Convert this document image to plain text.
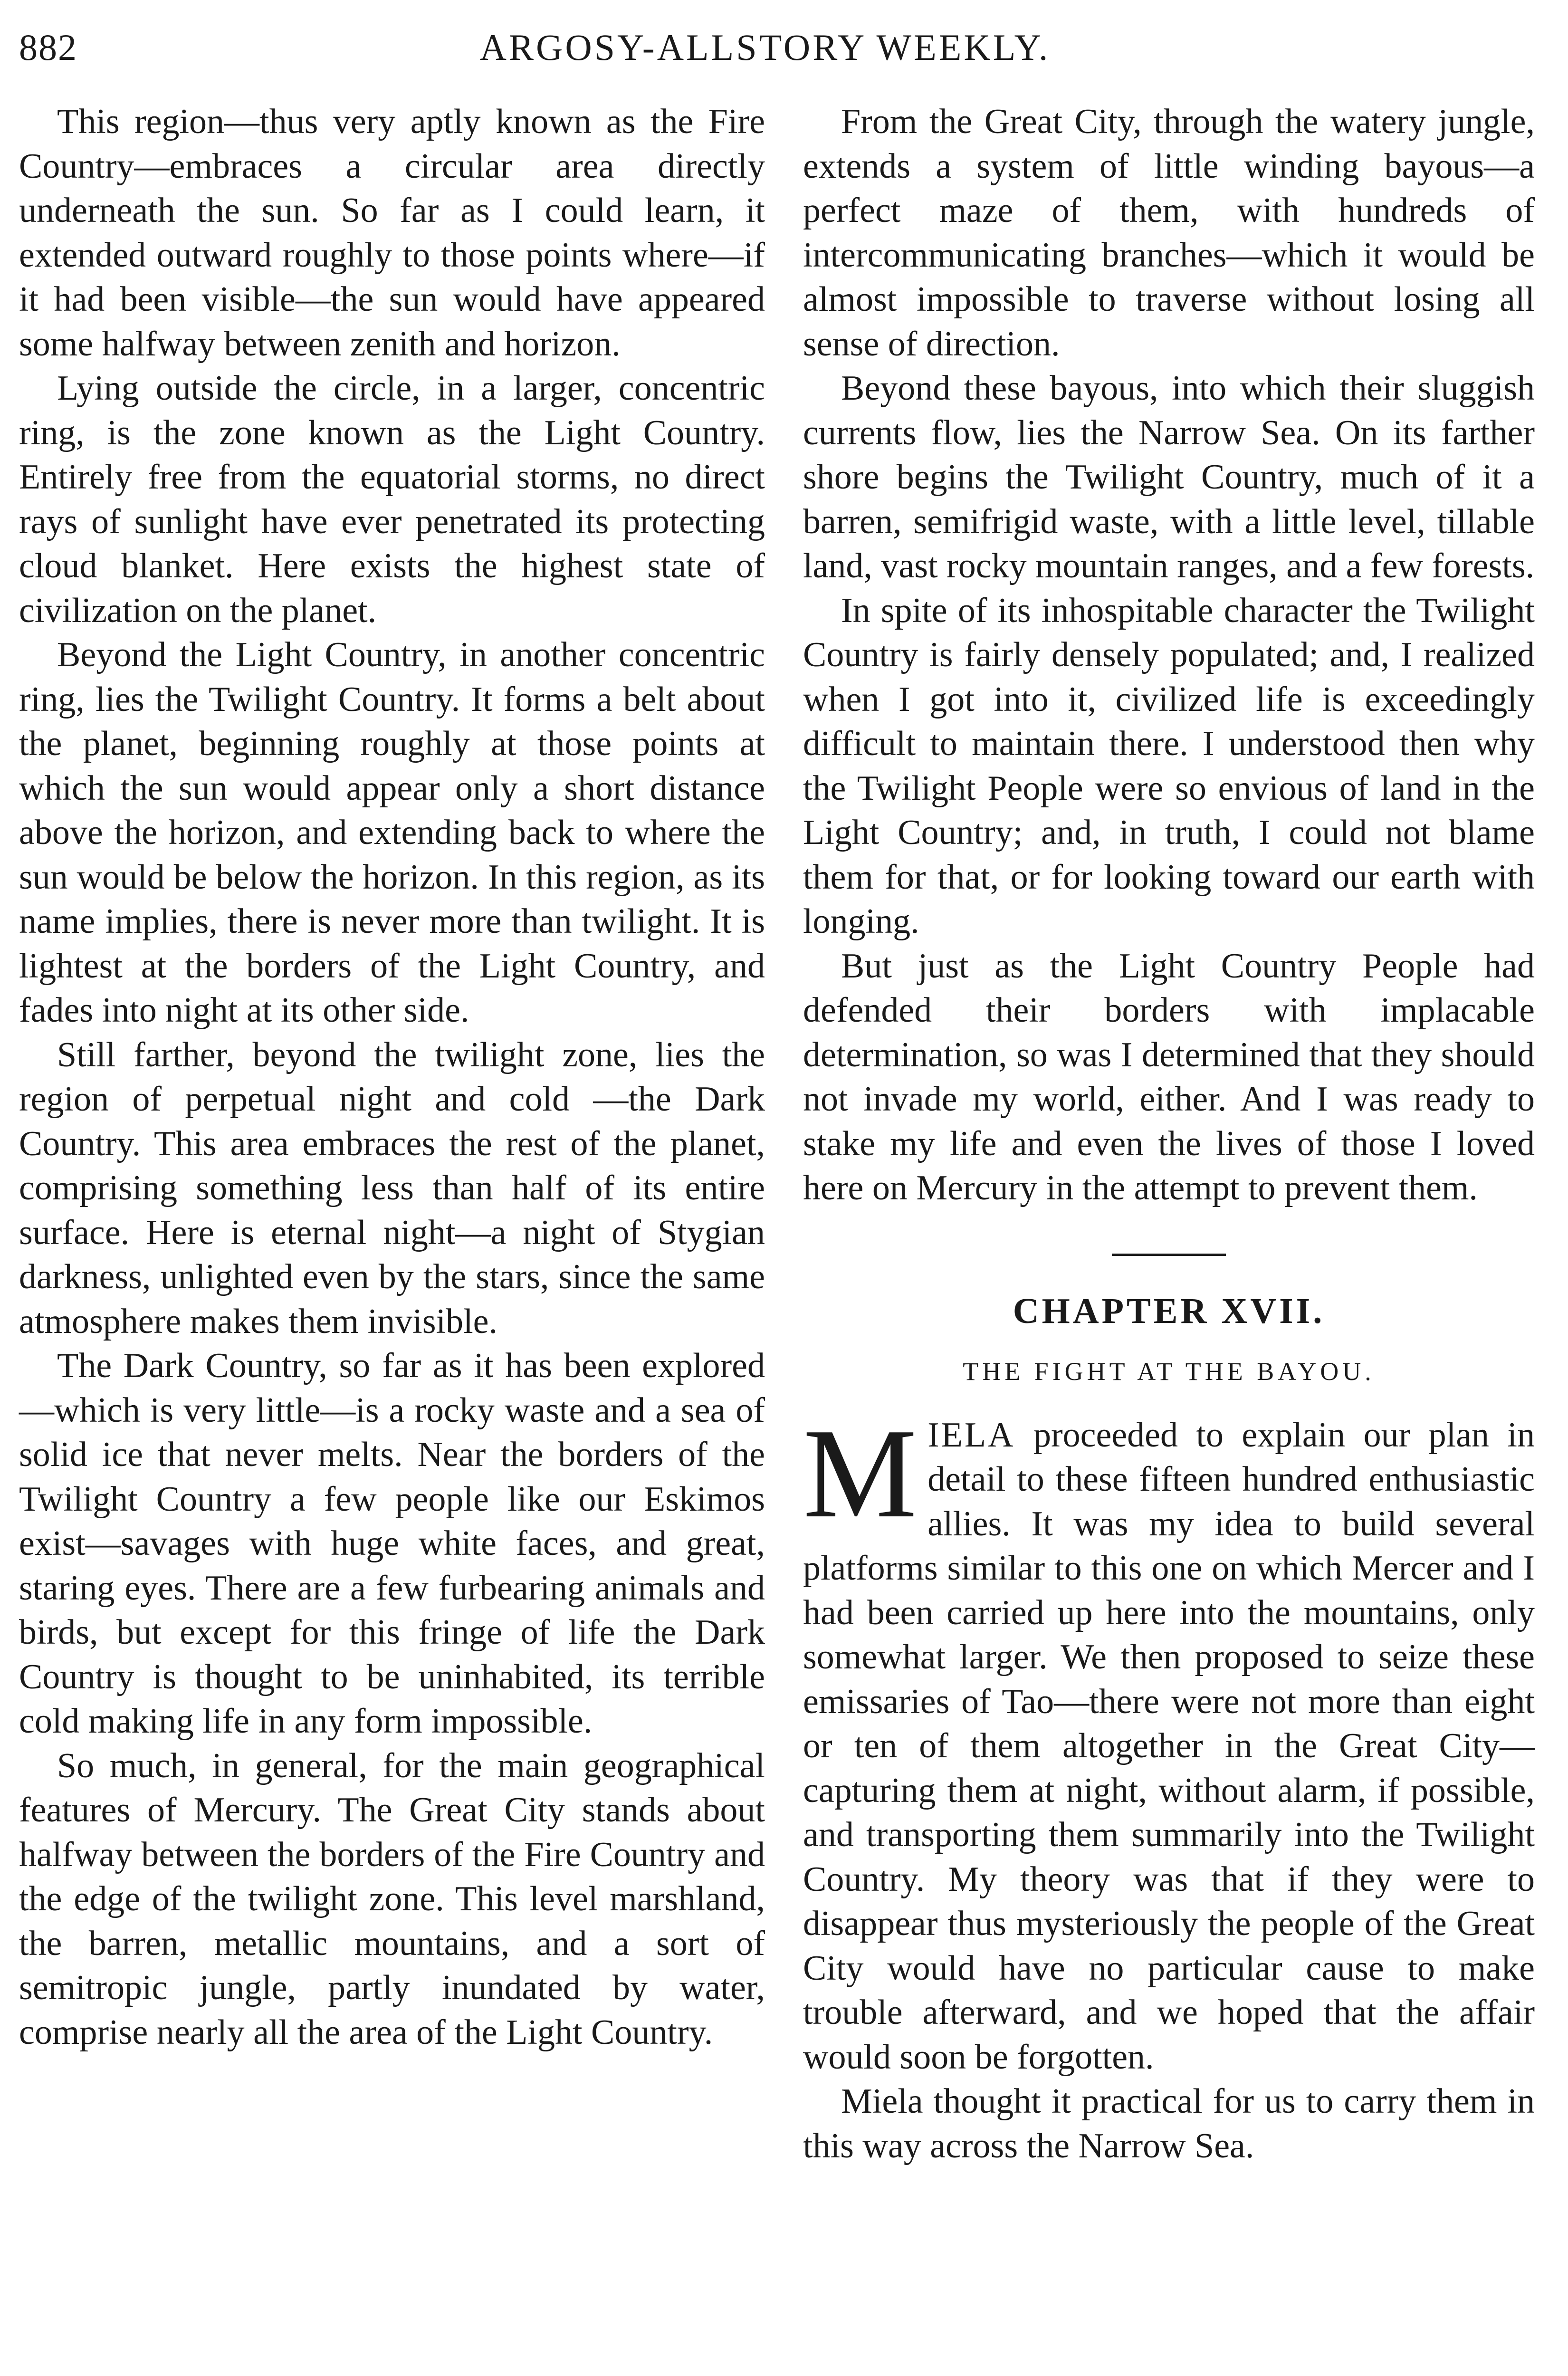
882	ARGOSY-ALLSTORY WEEKLY.

This region—thus very aptly known as the Fire Country—embraces a circular area directly underneath the sun. So far as I could learn, it extended outward roughly to those points where—if it had been visible—the sun would have appeared some halfway between zenith and horizon.

Lying outside the circle, in a larger, concentric ring, is the zone known as the Light Country. Entirely free from the equatorial storms, no direct rays of sunlight have ever penetrated its protecting cloud blanket. Here exists the highest state of civilization on the planet.

Beyond the Light Country, in another concentric ring, lies the Twilight Country. It forms a belt about the planet, beginning roughly at those points at which the sun would appear only a short distance above the horizon, and extending back to where the sun would be below the horizon. In this region, as its name implies, there is never more than twilight. It is lightest at the borders of the Light Country, and fades into night at its other side.

Still farther, beyond the twilight zone, lies the region of perpetual night and cold —the Dark Country. This area embraces the rest of the planet, comprising something less than half of its entire surface. Here is eternal night—a night of Stygian darkness, unlighted even by the stars, since the same atmosphere makes them invisible.

The Dark Country, so far as it has been explored—which is very little—is a rocky waste and a sea of solid ice that never melts. Near the borders of the Twilight Country a few people like our Eskimos exist—savages with huge white faces, and great, staring eyes. There are a few furbearing animals and birds, but except for this fringe of life the Dark Country is thought to be uninhabited, its terrible cold making life in any form impossible.

So much, in general, for the main geographical features of Mercury. The Great City stands about halfway between the borders of the Fire Country and the edge of the twilight zone. This level marshland, the barren, metallic mountains, and a sort of semitropic jungle, partly inundated by water, comprise nearly all the area of the Light Country.

From the Great City, through the watery jungle, extends a system of little winding bayous—a perfect maze of them, with hundreds of intercommunicating branches—which it would be almost impossible to traverse without losing all sense of direction.

Beyond these bayous, into which their sluggish currents flow, lies the Narrow Sea. On its farther shore begins the Twilight Country, much of it a barren, semifrigid waste, with a little level, tillable land, vast rocky mountain ranges, and a few forests.

In spite of its inhospitable character the Twilight Country is fairly densely populated; and, I realized when I got into it, civilized life is exceedingly difficult to maintain there. I understood then why the Twilight People were so envious of land in the Light Country; and, in truth, I could not blame them for that, or for looking toward our earth with longing.

But just as the Light Country People had defended their borders with implacable determination, so was I determined that they should not invade my world, either. And I was ready to stake my life and even the lives of those I loved here on Mercury in the attempt to prevent them.

CHAPTER XVII.
THE FIGHT AT THE BAYOU.

MIELA proceeded to explain our plan in detail to these fifteen hundred enthusiastic allies. It was my idea to build several platforms similar to this one on which Mercer and I had been carried up here into the mountains, only somewhat larger. We then proposed to seize these emissaries of Tao—there were not more than eight or ten of them altogether in the Great City—capturing them at night, without alarm, if possible, and transporting them summarily into the Twilight Country. My theory was that if they were to disappear thus mysteriously the people of the Great City would have no particular cause to make trouble afterward, and we hoped that the affair would soon be forgotten.

Miela thought it practical for us to carry them in this way across the Narrow Sea.
